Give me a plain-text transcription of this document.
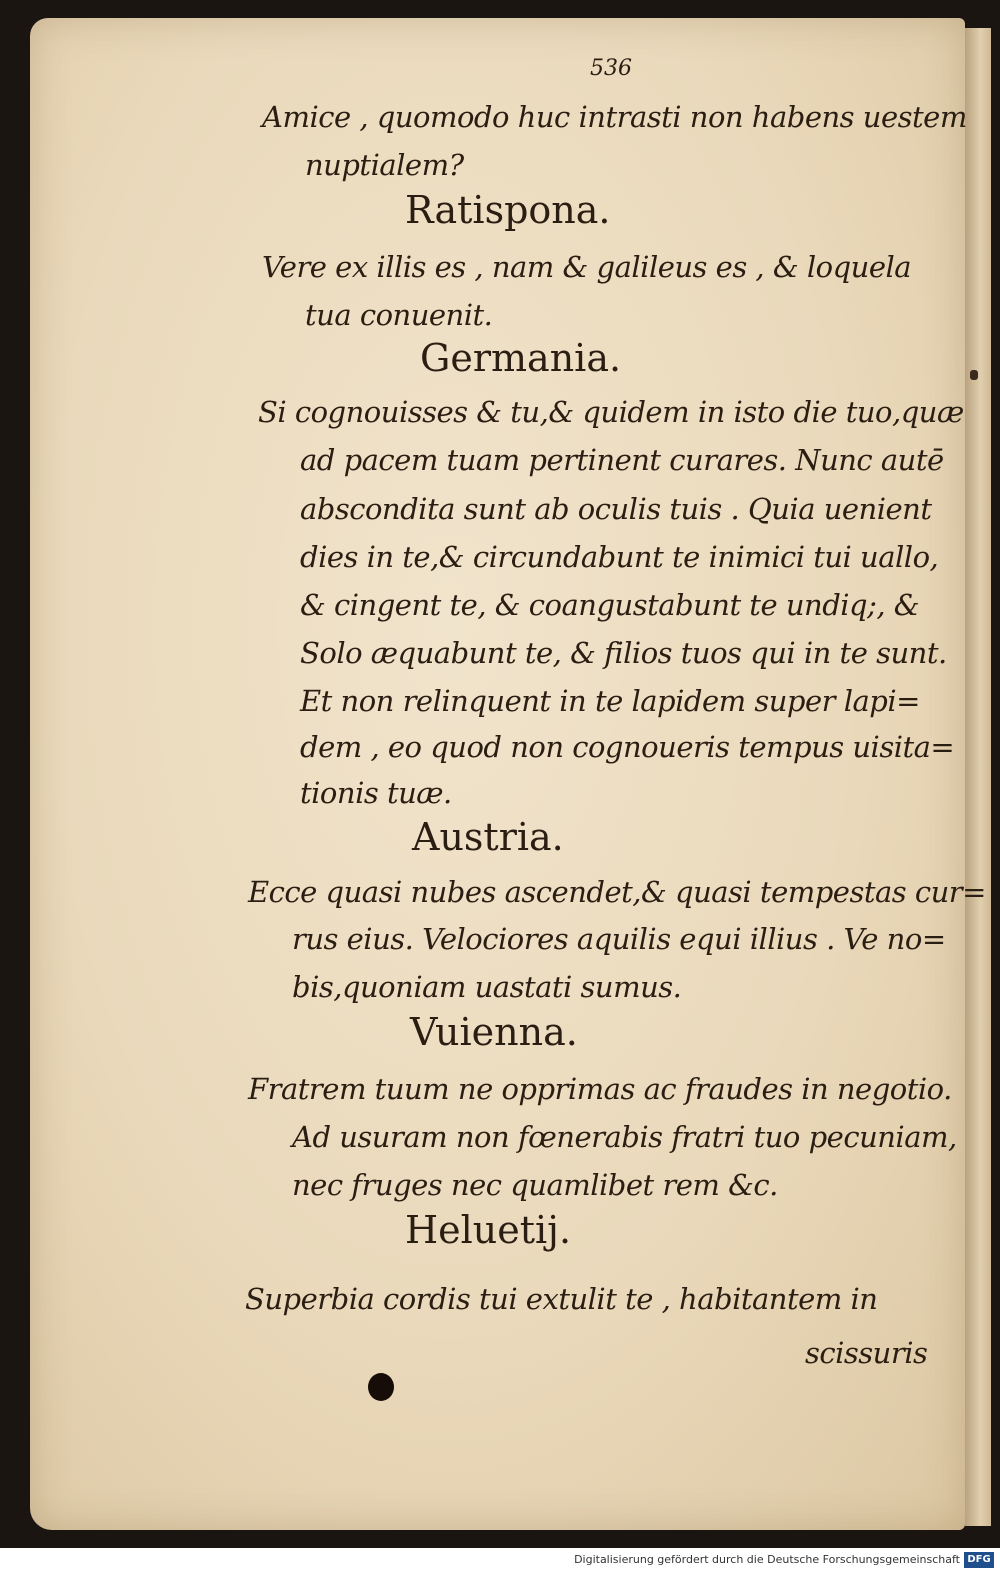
536
Amice , quomodo huc intrasti non habens uestem
nuptialem?
Ratispona.
Vere ex illis es , nam & galileus es , & loquela
tua conuenit.
Germania.
Si cognouisses & tu,& quidem in isto die tuo,quæ
ad pacem tuam pertinent curares. Nunc autē
abscondita sunt ab oculis tuis . Quia uenient
dies in te,& circundabunt te inimici tui uallo,
& cingent te, & coangustabunt te undiq;, &
Solo æquabunt te, & filios tuos qui in te sunt.
Et non relinquent in te lapidem super lapi=
dem , eo quod non cognoueris tempus uisita=
tionis tuæ.
Austria.
Ecce quasi nubes ascendet,& quasi tempestas cur=
rus eius. Velociores aquilis equi illius . Ve no=
bis,quoniam uastati sumus.
Vuienna.
Fratrem tuum ne opprimas ac fraudes in negotio.
Ad usuram non fœnerabis fratri tuo pecuniam,
nec fruges nec quamlibet rem &c.
Heluetij.
Superbia cordis tui extulit te , habitantem in
scissuris
Digitalisierung gefördert durch die Deutsche Forschungsgemeinschaft DFG
